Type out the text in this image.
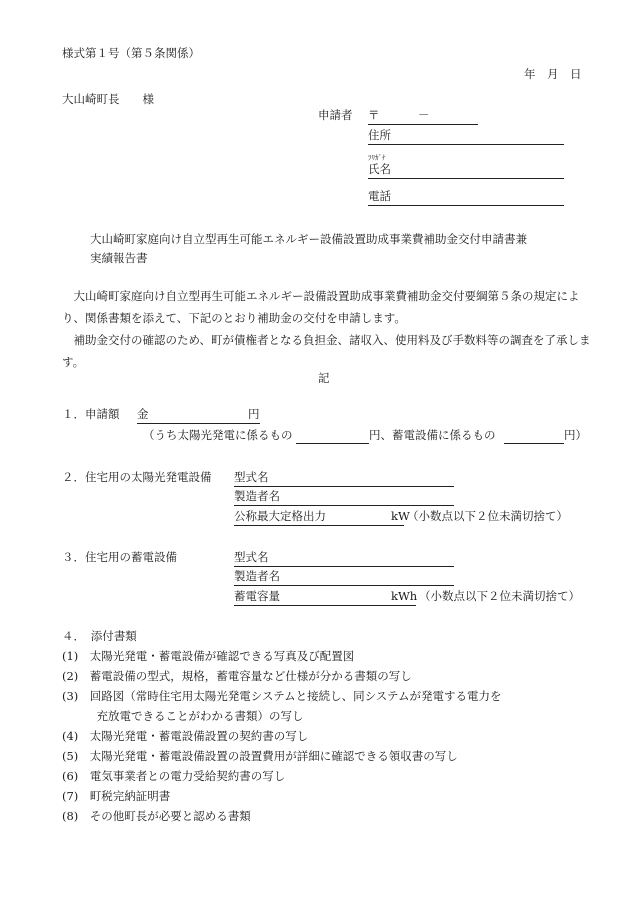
様式第１号（第５条関係）
年　月　日
大山崎町長　　様
申請者 〒	－
住所
ﾌﾘｶﾞﾅ
氏名
電話
大山崎町家庭向け自立型再生可能エネルギー設備設置助成事業費補助金交付申請書兼
実績報告書
大山崎町家庭向け自立型再生可能エネルギー設備設置助成事業費補助金交付要綱第５条の規定により、関係書類を添えて、下記のとおり補助金の交付を申請します。
補助金交付の確認のため、町が債権者となる負担金、諸収入、使用料及び手数料等の調査を了承します。
記
１．申請額 金	円
（うち太陽光発電に係るもの	円、蓄電設備に係るもの	円）
２．住宅用の太陽光発電設備 型式名
製造者名
公称最大定格出力	kW
（小数点以下２位未満切捨て）
３．住宅用の蓄電設備	型式名
製造者名
蓄電容量	kWh （小数点以下２位未満切捨て）
４．　添付書類
(1)　太陽光発電・蓄電設備が確認できる写真及び配置図
(2)　蓄電設備の型式，規格，蓄電容量など仕様が分かる書類の写し
(3)　回路図（常時住宅用太陽光発電システムと接続し、同システムが発電する電力を
　　　充放電できることがわかる書類）の写し
(4)　太陽光発電・蓄電設備設置の契約書の写し
(5)　太陽光発電・蓄電設備設置の設置費用が詳細に確認できる領収書の写し
(6)　電気事業者との電力受給契約書の写し
(7)　町税完納証明書
(8)　その他町長が必要と認める書類
